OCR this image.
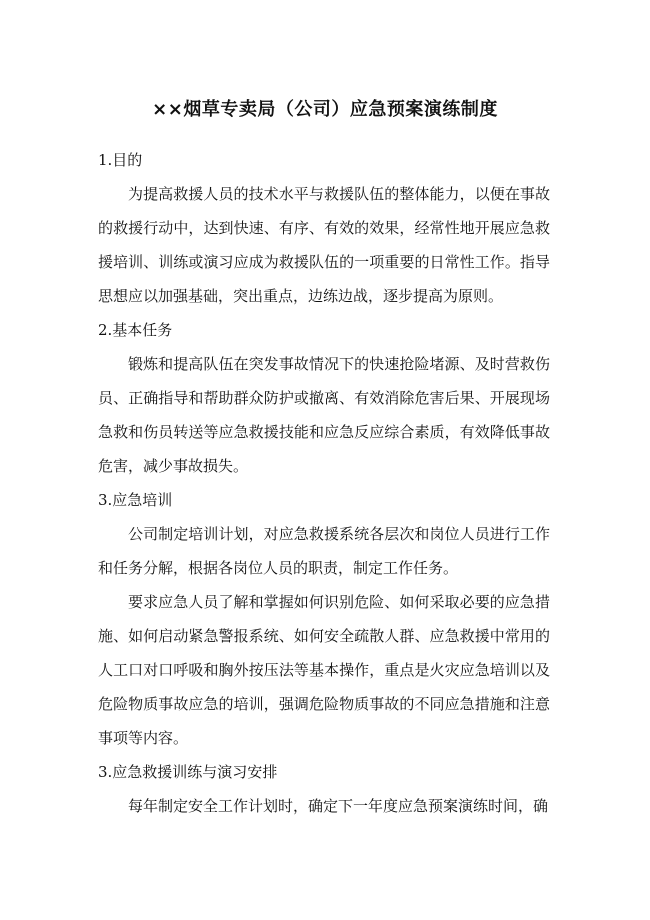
××烟草专卖局（公司）应急预案演练制度
1.目的
为提高救援人员的技术水平与救援队伍的整体能力，以便在事故的救援行动中，达到快速、有序、有效的效果，经常性地开展应急救援培训、训练或演习应成为救援队伍的一项重要的日常性工作。指导思想应以加强基础，突出重点，边练边战，逐步提高为原则。
2.基本任务
锻炼和提高队伍在突发事故情况下的快速抢险堵源、及时营救伤员、正确指导和帮助群众防护或撤离、有效消除危害后果、开展现场急救和伤员转送等应急救援技能和应急反应综合素质，有效降低事故危害，减少事故损失。
3.应急培训
公司制定培训计划，对应急救援系统各层次和岗位人员进行工作和任务分解，根据各岗位人员的职责，制定工作任务。
要求应急人员了解和掌握如何识别危险、如何采取必要的应急措施、如何启动紧急警报系统、如何安全疏散人群、应急救援中常用的人工口对口呼吸和胸外按压法等基本操作，重点是火灾应急培训以及危险物质事故应急的培训，强调危险物质事故的不同应急措施和注意事项等内容。
3.应急救援训练与演习安排
每年制定安全工作计划时，确定下一年度应急预案演练时间，确
